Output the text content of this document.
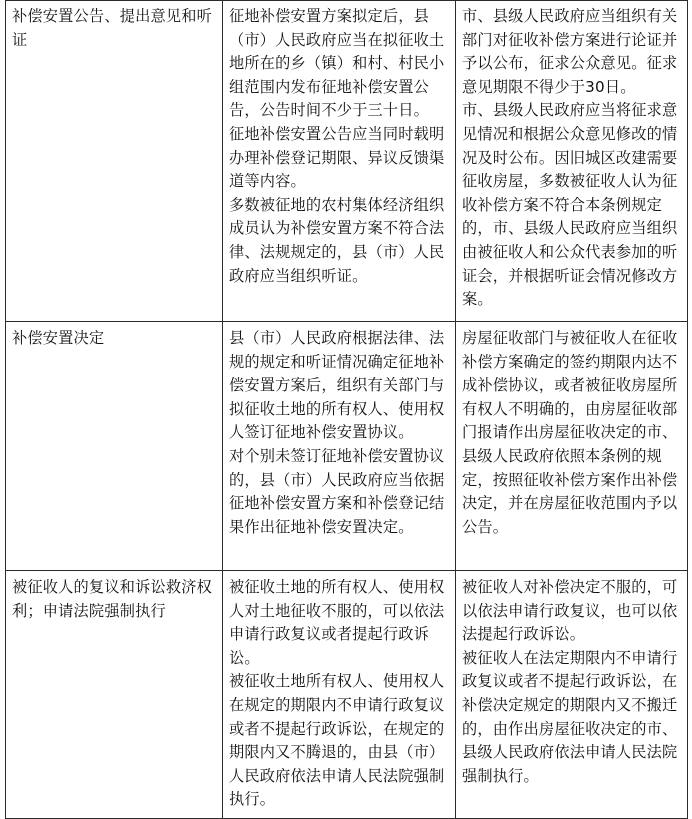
补偿安置公告、提出意见和听证	征地补偿安置方案拟定后，县（市）人民政府应当在拟征收土地所在的乡（镇）和村、村民小组范围内发布征地补偿安置公告，公告时间不少于三十日。
征地补偿安置公告应当同时载明办理补偿登记期限、异议反馈渠道等内容。
多数被征地的农村集体经济组织成员认为补偿安置方案不符合法律、法规规定的，县（市）人民政府应当组织听证。	市、县级人民政府应当组织有关部门对征收补偿方案进行论证并予以公布，征求公众意见。征求意见期限不得少于30日。
市、县级人民政府应当将征求意见情况和根据公众意见修改的情况及时公布。因旧城区改建需要征收房屋，多数被征收人认为征收补偿方案不符合本条例规定的，市、县级人民政府应当组织由被征收人和公众代表参加的听证会，并根据听证会情况修改方案。

补偿安置决定	县（市）人民政府根据法律、法规的规定和听证情况确定征地补偿安置方案后，组织有关部门与拟征收土地的所有权人、使用权人签订征地补偿安置协议。
对个别未签订征地补偿安置协议的，县（市）人民政府应当依据征地补偿安置方案和补偿登记结果作出征地补偿安置决定。	房屋征收部门与被征收人在征收补偿方案确定的签约期限内达不成补偿协议，或者被征收房屋所有权人不明确的，由房屋征收部门报请作出房屋征收决定的市、县级人民政府依照本条例的规定，按照征收补偿方案作出补偿决定，并在房屋征收范围内予以公告。

被征收人的复议和诉讼救济权利；申请法院强制执行	被征收土地的所有权人、使用权人对土地征收不服的，可以依法申请行政复议或者提起行政诉讼。
被征收土地所有权人、使用权人在规定的期限内不申请行政复议或者不提起行政诉讼，在规定的期限内又不腾退的，由县（市）人民政府依法申请人民法院强制执行。	被征收人对补偿决定不服的，可以依法申请行政复议，也可以依法提起行政诉讼。
被征收人在法定期限内不申请行政复议或者不提起行政诉讼，在补偿决定规定的期限内又不搬迁的，由作出房屋征收决定的市、县级人民政府依法申请人民法院强制执行。
